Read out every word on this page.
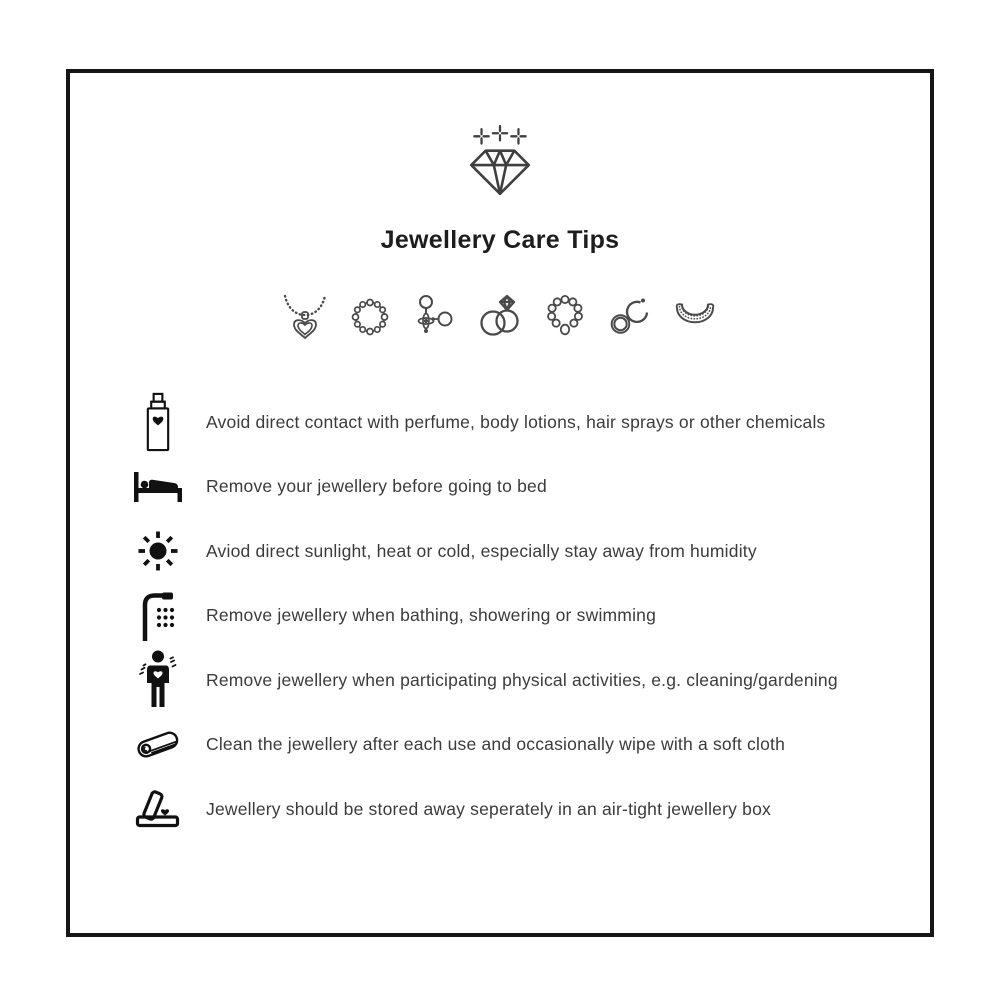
Jewellery Care Tips
Avoid direct contact with perfume, body lotions, hair sprays or other chemicals
Remove your jewellery before going to bed
Aviod direct sunlight, heat or cold, especially stay away from humidity
Remove jewellery when bathing, showering or swimming
Remove jewellery when participating physical activities, e.g. cleaning/gardening
Clean the jewellery after each use and occasionally wipe with a soft cloth
Jewellery should be stored away seperately in an air-tight jewellery box
